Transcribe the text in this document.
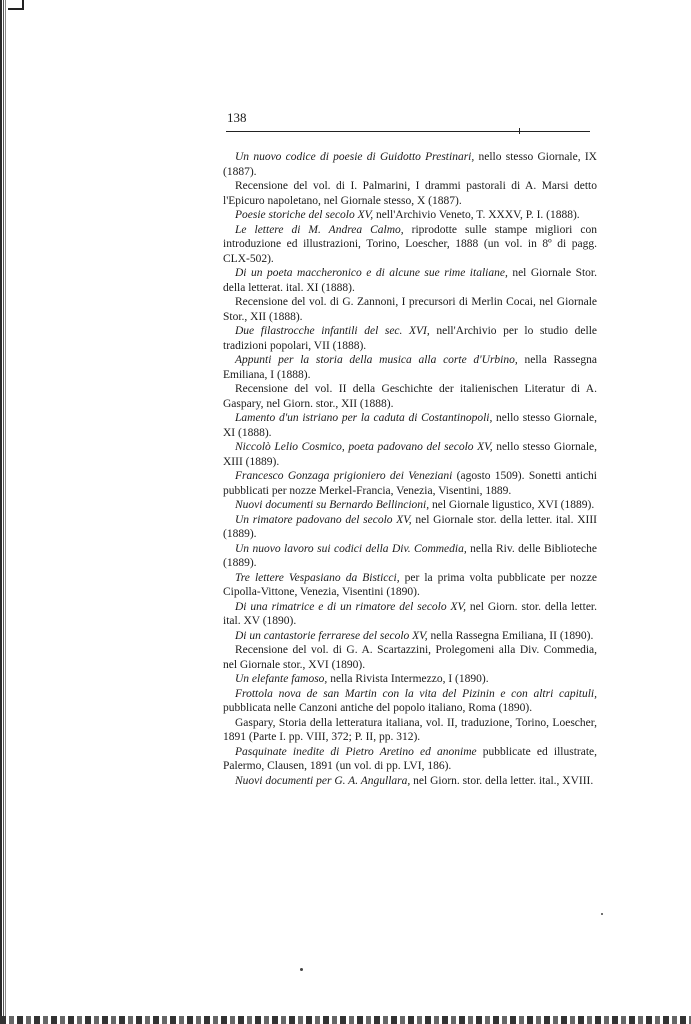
138

Un nuovo codice di poesie di Guidotto Prestinari, nello stesso Giornale, IX (1887).

Recensione del vol. di I. Palmarini, I drammi pastorali di A. Marsi detto l'Epicuro napoletano, nel Giornale stesso, X (1887).

Poesie storiche del secolo XV, nell'Archivio Veneto, T. XXXV, P. I. (1888).

Le lettere di M. Andrea Calmo, riprodotte sulle stampe migliori con introduzione ed illustrazioni, Torino, Loescher, 1888 (un vol. in 8º di pagg. CLX-502).

Di un poeta maccheronico e di alcune sue rime italiane, nel Giornale Stor. della letterat. ital. XI (1888).

Recensione del vol. di G. Zannoni, I precursori di Merlin Cocai, nel Giornale Stor., XII (1888).

Due filastrocche infantili del sec. XVI, nell'Archivio per lo studio delle tradizioni popolari, VII (1888).

Appunti per la storia della musica alla corte d'Urbino, nella Rassegna Emiliana, I (1888).

Recensione del vol. II della Geschichte der italienischen Literatur di A. Gaspary, nel Giorn. stor., XII (1888).

Lamento d'un istriano per la caduta di Costantinopoli, nello stesso Giornale, XI (1888).

Niccolò Lelio Cosmico, poeta padovano del secolo XV, nello stesso Giornale, XIII (1889).

Francesco Gonzaga prigioniero dei Veneziani (agosto 1509). Sonetti antichi pubblicati per nozze Merkel-Francia, Venezia, Visentini, 1889.

Nuovi documenti su Bernardo Bellincioni, nel Giornale ligustico, XVI (1889).

Un rimatore padovano del secolo XV, nel Giornale stor. della letter. ital. XIII (1889).

Un nuovo lavoro sui codici della Div. Commedia, nella Riv. delle Biblioteche (1889).

Tre lettere Vespasiano da Bisticci, per la prima volta pubblicate per nozze Cipolla-Vittone, Venezia, Visentini (1890).

Di una rimatrice e di un rimatore del secolo XV, nel Giorn. stor. della letter. ital. XV (1890).

Di un cantastorie ferrarese del secolo XV, nella Rassegna Emiliana, II (1890).

Recensione del vol. di G. A. Scartazzini, Prolegomeni alla Div. Commedia, nel Giornale stor., XVI (1890).

Un elefante famoso, nella Rivista Intermezzo, I (1890).

Frottola nova de san Martin con la vita del Pizinin e con altri capituli, pubblicata nelle Canzoni antiche del popolo italiano, Roma (1890).

Gaspary, Storia della letteratura italiana, vol. II, traduzione, Torino, Loescher, 1891 (Parte I. pp. VIII, 372; P. II, pp. 312).

Pasquinate inedite di Pietro Aretino ed anonime pubblicate ed illustrate, Palermo, Clausen, 1891 (un vol. di pp. LVI, 186).

Nuovi documenti per G. A. Angullara, nel Giorn. stor. della letter. ital., XVIII.
